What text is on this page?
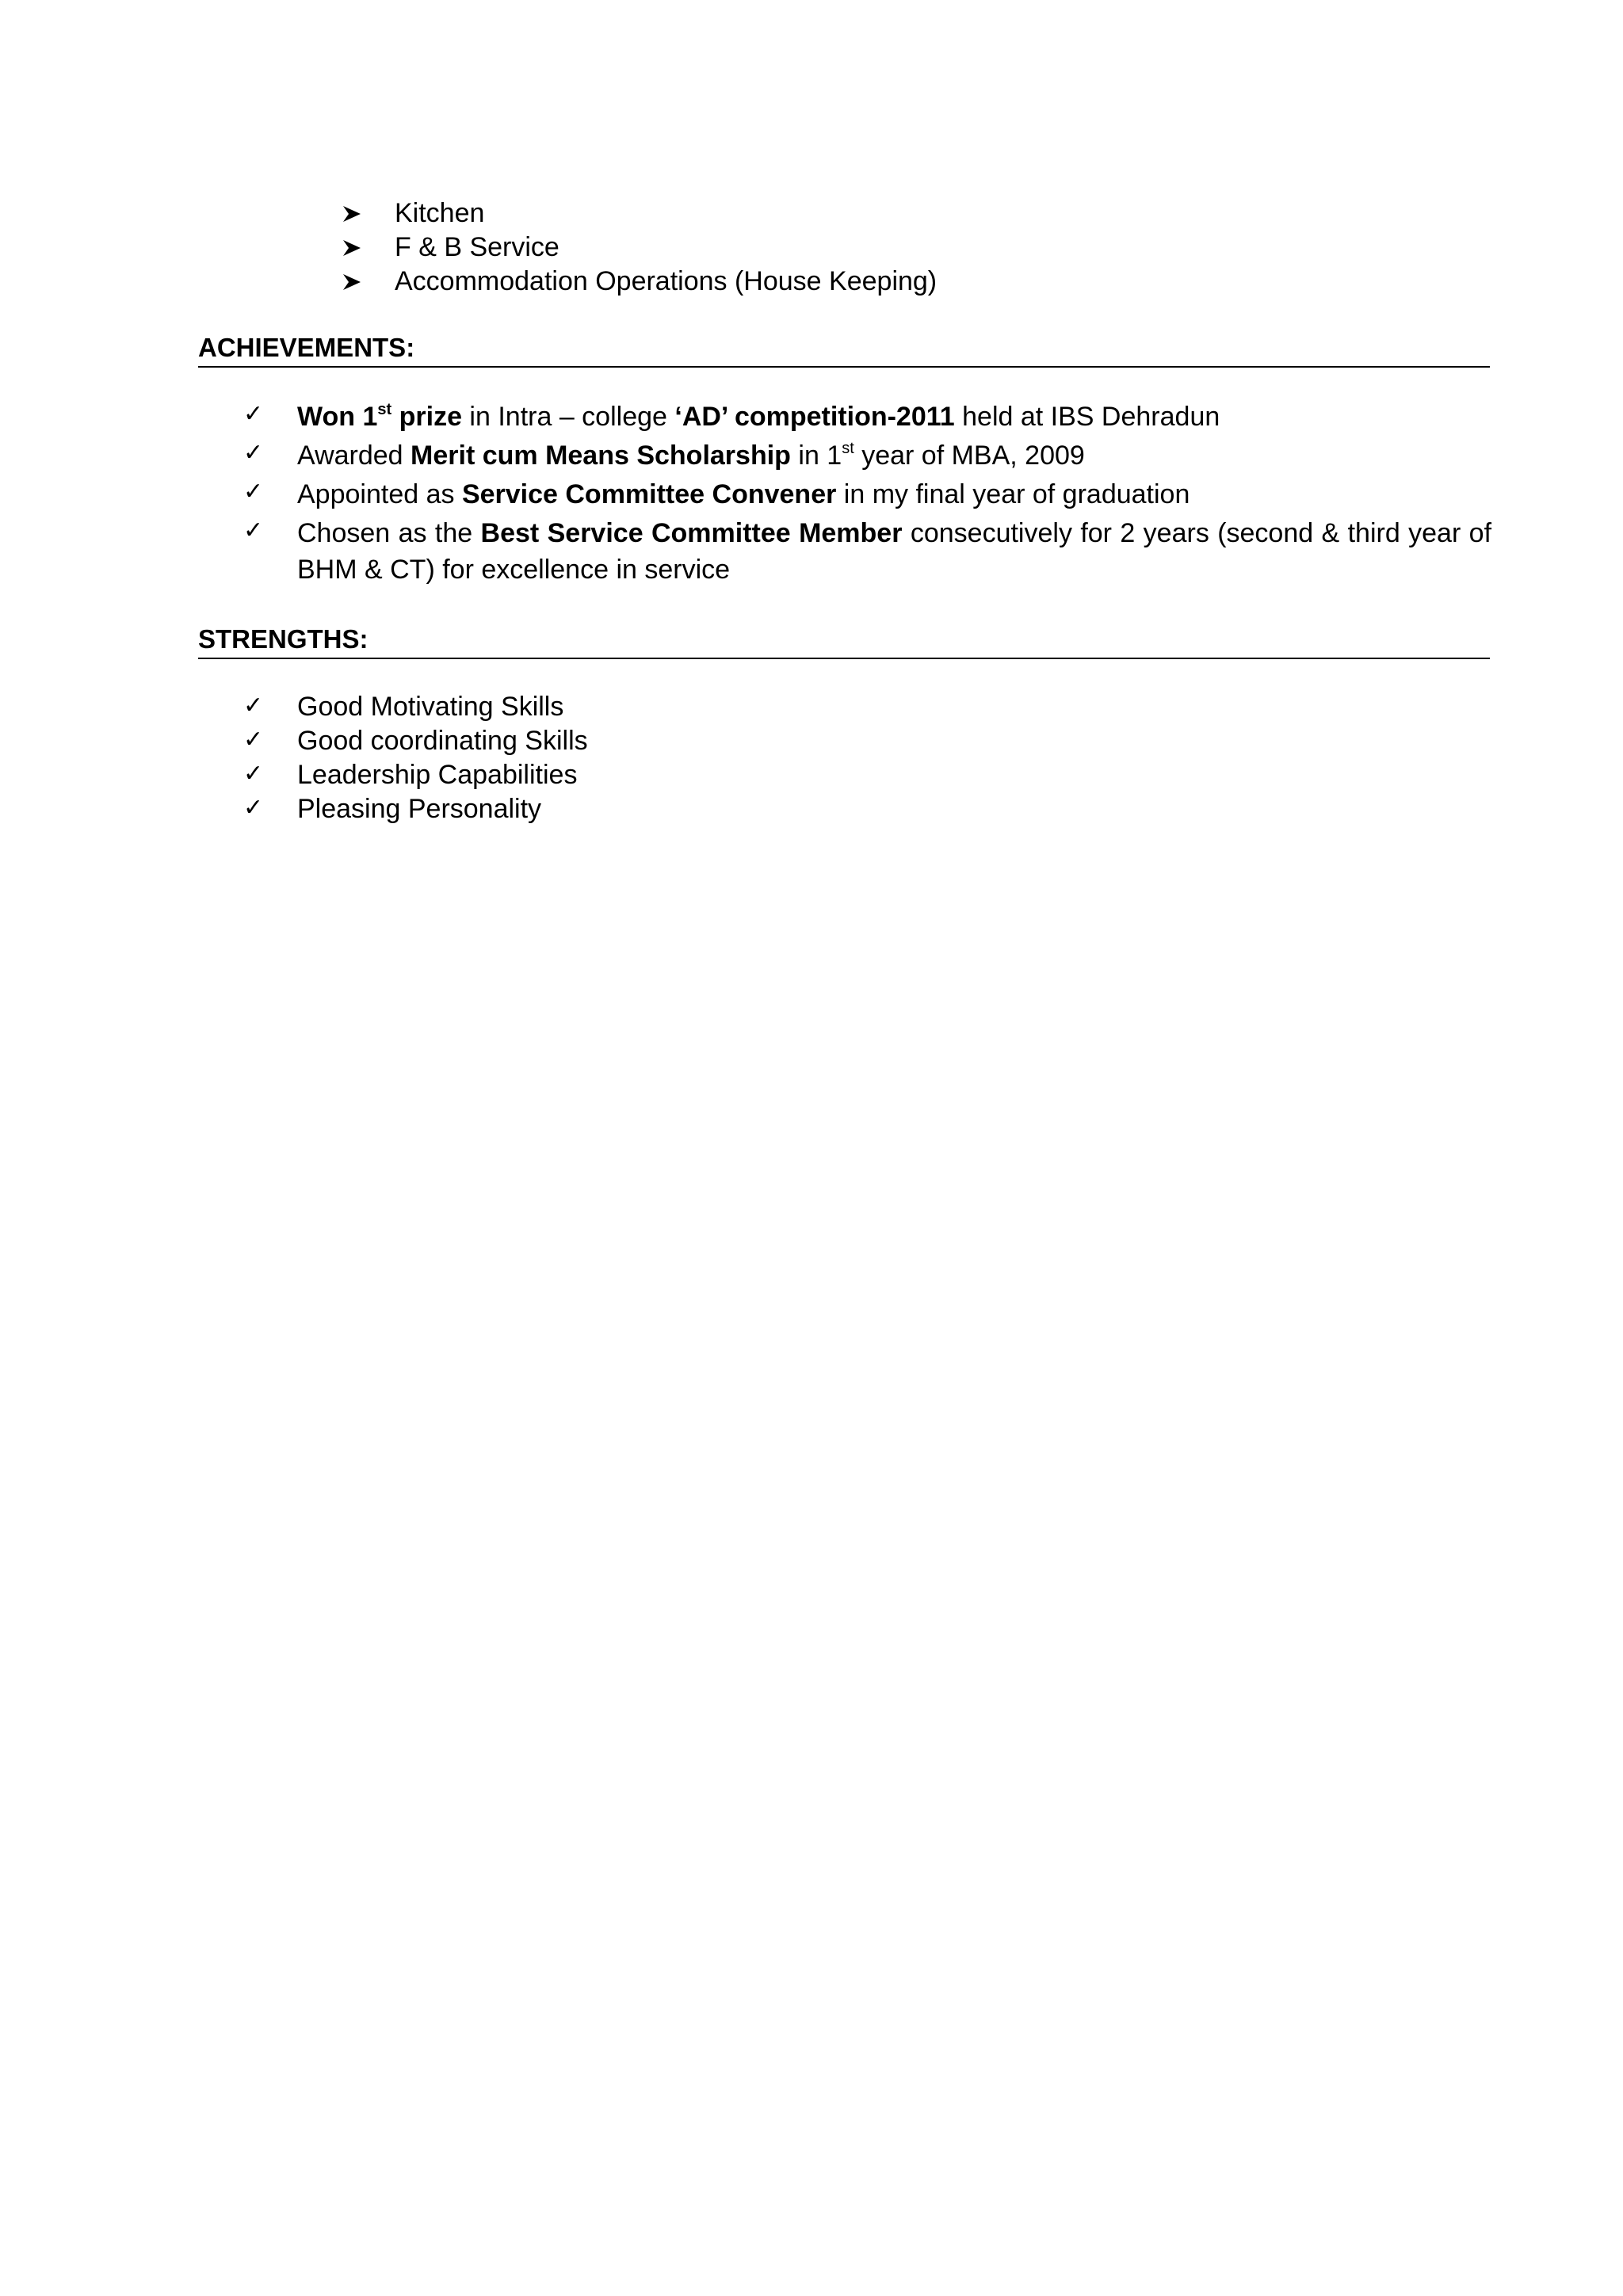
Kitchen
F & B Service
Accommodation Operations (House Keeping)
ACHIEVEMENTS:
✓ Won 1st prize in Intra – college ‘AD’ competition-2011 held at IBS Dehradun
✓ Awarded Merit cum Means Scholarship in 1st year of MBA, 2009
✓ Appointed as Service Committee Convener in my final year of graduation
✓ Chosen as the Best Service Committee Member consecutively for 2 years (second & third year of BHM & CT) for excellence in service
STRENGTHS:
✓ Good Motivating Skills
✓ Good coordinating Skills
✓ Leadership Capabilities
✓ Pleasing Personality
